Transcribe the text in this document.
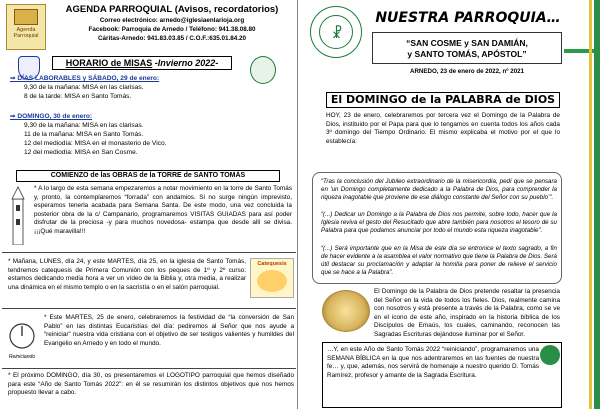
Agenda Parroquial
AGENDA PARROQUIAL (Avisos, recordatorios)
Correo electrónico: arnedo@iglesiaenlarioja.org
Facebook: Parroquia de Arnedo / Teléfono: 941.38.08.80
Cáritas-Arnedo: 941.83.03.85 / C.O.F.:635.01.84.20
HORARIO de MISAS -Invierno 2022-
⇒ DÍAS LABORABLES y SÁBADO, 29 de enero:
9,30 de la mañana: MISA en las clarisas.
8 de la tarde: MISA en Santo Tomás.
⇒ DOMINGO, 30 de enero:
9,30 de la mañana: MISA en las clarisas.
11 de la mañana: MISA en Santo Tomás.
12 del mediodía: MISA en el monasterio de Vico.
12 del mediodía: MISA en San Cosme.
COMIENZO de las OBRAS de la TORRE de SANTO TOMÁS
* A lo largo de esta semana empezaremos a notar movimiento en la torre de Santo Tomás y, pronto, la contemplaremos “forrada” con andamios. Si no surge ningún imprevisto, esperamos tenerla acabada para Semana Santa. De este modo, una vez concluida la posterior obra de la c/ Campanario, programaremos VISITAS GUIADAS para así poder disfrutar de la preciosa -y para muchos novedosa- estampa que desde allí se divisa. ¡¡¡Qué maravilla!!!
* Mañana, LUNES, día 24, y este MARTES, día 25, en la iglesia de Santo Tomás, tendremos catequesis de Primera Comunión con los peques de 1º y 2º curso: estamos dedicando media hora a ver un vídeo de la Biblia y, otra media, a realizar una dinámica en el mismo templo o en la sacristía o en el salón parroquial.
Catequesis
Reiniciando
* Este MARTES, 25 de enero, celebraremos la festividad de “la conversión de San Pablo” en las distintas Eucaristías del día: pediremos al Señor que nos ayude a “reiniciar” nuestra vida cristiana con el objetivo de ser testigos valientes y humildes del Evangelio en Arnedo y en todo el mundo.
* El próximo DOMINGO, día 30, os presentaremos el LOGOTIPO parroquial que hemos diseñado para este “Año de Santo Tomás 2022”: en él se resumirán los distintos objetivos que nos hemos propuesto llevar a cabo.
☧
NUESTRA PARROQUIA…
“SAN COSME y SAN DAMIÁN,
y SANTO TOMÁS, APÓSTOL”
ARNEDO, 23 de enero de 2022, nº 2021
El DOMINGO de la PALABRA de DIOS
HOY, 23 de enero, celebraremos por tercera vez el Domingo de la Palabra de Dios, instituido por el Papa para que lo tengamos en cuenta todos los años cada 3º domingo del Tiempo Ordinario. El mismo explicaba el motivo por el que lo establecía:
“Tras la conclusión del Jubileo extraordinario de la misericordia, pedí que se pensara en ‘un Domingo completamente dedicado a la Palabra de Dios, para comprender la riqueza inagotable que proviene de ese diálogo constante del Señor con su pueblo’”.
“(...) Dedicar un Domingo a la Palabra de Dios nos permite, sobre todo, hacer que la Iglesia reviva el gesto del Resucitado que abre también para nosotros el tesoro de su Palabra para que podamos anunciar por todo el mundo esta riqueza inagotable”.
“(...) Será importante que en la Misa de este día se entronice el texto sagrado, a fin de hacer evidente a la asamblea el valor normativo que tiene la Palabra de Dios. Será útil destacar su proclamación y adaptar la homilía para poner de relieve el servicio que se hace a la Palabra”.
El Domingo de la Palabra de Dios pretende resaltar la presencia del Señor en la vida de todos los fieles. Dios, realmente camina con nosotros y está presente a través de la Palabra, como se ve en el icono de este año, inspirado en la historia bíblica de los Discípulos de Emaús, los cuales, caminando, reconocen las Sagradas Escrituras dejándose iluminar por el Señor.
…Y, en este Año de Santo Tomás 2022 “reiniciando”, programaremos una SEMANA BÍBLICA en la que nos adentraremos en las fuentes de nuestra fe… y, que, además, nos servirá de homenaje a nuestro querido D. Tomás Ramírez, profesor y amante de la Sagrada Escritura.
